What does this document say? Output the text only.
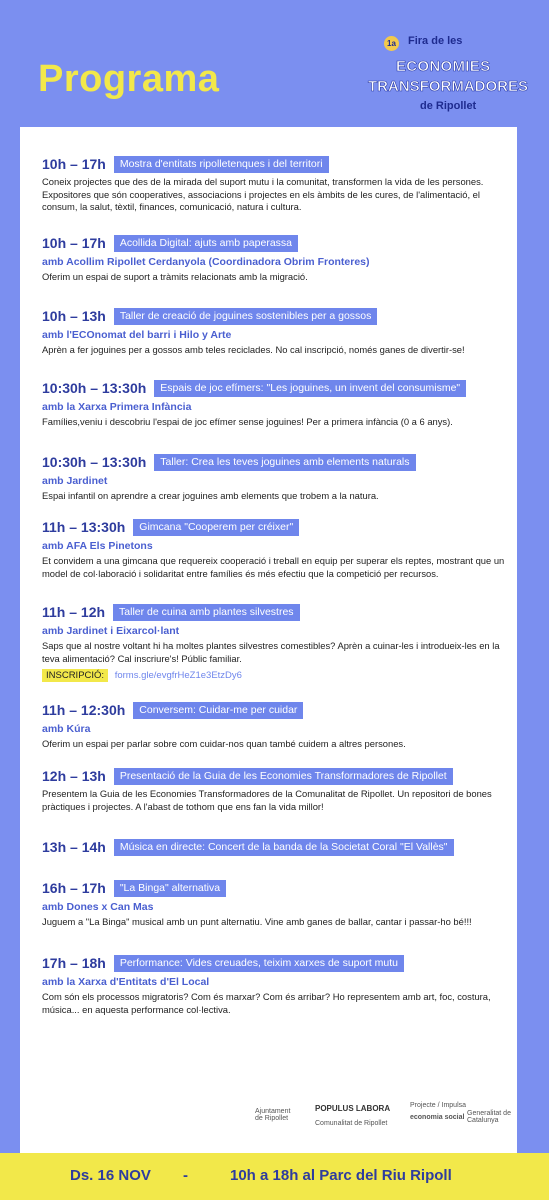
Programa
1a Fira de les
ECONOMIES
TRANSFORMADORES
de Ripollet
10h – 17h	Mostra d'entitats ripolletenques i del territori
Coneix projectes que des de la mirada del suport mutu i la comunitat, transformen la vida de les persones. Expositores que són cooperatives, associacions i projectes en els àmbits de les cures, de l'alimentació, el consum, la salut, tèxtil, finances, comunicació, natura i cultura.
10h – 17h	Acollida Digital: ajuts amb paperassa
amb Acollim Ripollet Cerdanyola (Coordinadora Obrim Fronteres)
Oferim un espai de suport a tràmits relacionats amb la migració.
10h – 13h	Taller de creació de joguines sostenibles per a gossos
amb l'ECOnomat del barri i Hilo y Arte
Aprèn a fer joguines per a gossos amb teles reciclades. No cal inscripció, només ganes de divertir-se!
10:30h – 13:30h	Espais de joc efímers: "Les joguines, un invent del consumisme"
amb la Xarxa Primera Infància
Famílies,veniu i descobriu l'espai de joc efímer sense joguines! Per a primera infància (0 a 6 anys).
10:30h – 13:30h	Taller: Crea les teves joguines amb elements naturals
amb Jardinet
Espai infantil on aprendre a crear joguines amb elements que trobem a la natura.
11h – 13:30h	Gimcana "Cooperem per créixer"
amb AFA Els Pinetons
Et convidem a una gimcana que requereix cooperació i treball en equip per superar els reptes, mostrant que un model de col·laboració i solidaritat entre famílies és més efectiu que la competició per recursos.
11h – 12h	Taller de cuina amb plantes silvestres
amb Jardinet i Eixarcol·lant
Saps que al nostre voltant hi ha moltes plantes silvestres comestibles? Aprèn a cuinar-les i introdueix-les en la teva alimentació? Cal inscriure's! Públic familiar.
INSCRIPCIÓ: forms.gle/evgfrHeZ1e3EtzDy6
11h – 12:30h	Conversem: Cuidar-me per cuidar
amb Kúra
Oferim un espai per parlar sobre com cuidar-nos quan també cuidem a altres persones.
12h – 13h	Presentació de la Guia de les Economies Transformadores de Ripollet
Presentem la Guia de les Economies Transformadores de la Comunalitat de Ripollet. Un repositori de bones pràctiques i projectes. A l'abast de tothom que ens fan la vida millor!
13h – 14h	Música en directe: Concert de la banda de la Societat Coral "El Vallès"
16h – 17h	"La Binga" alternativa
amb Dones x Can Mas
Juguem a "La Binga" musical amb un punt alternatiu. Vine amb ganes de ballar, cantar i passar-ho bé!!!
17h – 18h	Performance: Vides creuades, teixim xarxes de suport mutu
amb la Xarxa d'Entitats d'El Local
Com són els processos migratoris? Com és marxar? Com és arribar? Ho representem amb art, foc, costura, música... en aquesta performance col·lectiva.
Ajuntament de Ripollet
POPULUS LABORA
Comunalitat de Ripollet
Projecte / Impulsa
economia social
Generalitat de Catalunya
Ds. 16 NOV -	10h a 18h al Parc del Riu Ripoll
